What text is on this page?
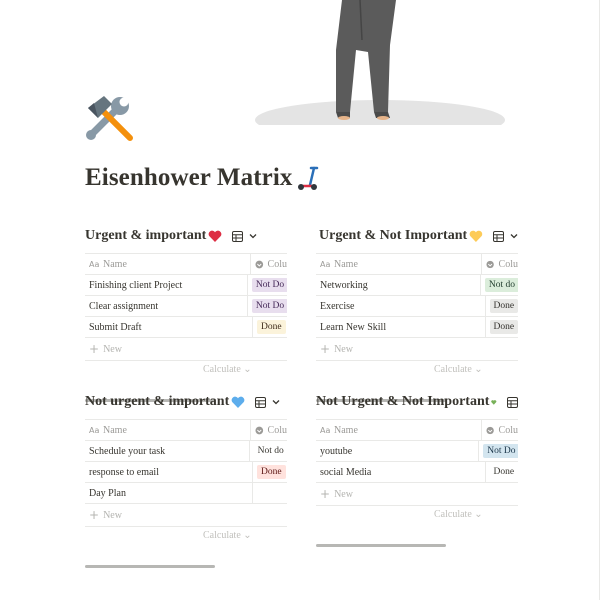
Eisenhower Matrix
Urgent & important
Aa Name	Colu
Finishing client Project	Not Do
Clear assignment	Not Do
Submit Draft	Done
+ New
Calculate ⌄
Urgent & Not Important
Aa Name	Colu
Networking	Not do
Exercise	Done
Learn New Skill	Done
+ New
Calculate ⌄
Not urgent & important
Aa Name	Colu
Schedule your task	Not do
response to email	Done
Day Plan
+ New
Calculate ⌄
Not Urgent & Not Important
Aa Name	Colu
youtube	Not Do
social Media	Done
+ New
Calculate ⌄
